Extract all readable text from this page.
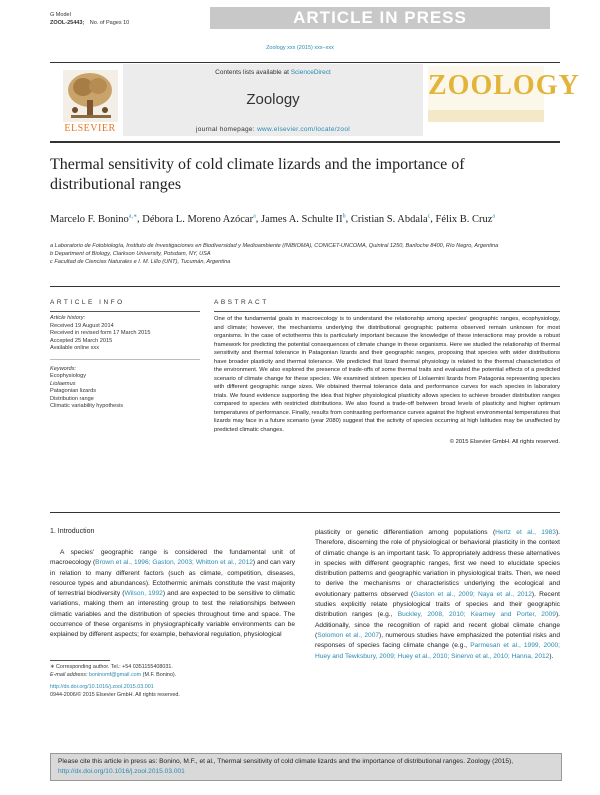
G Model
ZOOL-25443; No. of Pages 10	ARTICLE IN PRESS
Zoology xxx (2015) xxx–xxx
Contents lists available at ScienceDirect
Zoology
ELSEVIER
ZOOLOGY
journal homepage: www.elsevier.com/locate/zool
Thermal sensitivity of cold climate lizards and the importance of distributional ranges
Marcelo F. Bonino$^{a,∗}$, Débora L. Moreno Azócar$^a$, James A. Schulte $II^b$, Cristian S. Abdala$^c$, Félix B. Cruz$^a$
a Laboratorio de Fotobiología, Instituto de Investigaciones en Biodiversidad y Medioambiente (INIBIOMA), CONICET-UNCOMA, Quintral 1250, Bariloche 8400, Río Negro, Argentina
b Department of Biology, Clarkson University, Potsdam, NY, USA
c Facultad de Ciencias Naturales e I. M. Lillo (UNT), Tucumán, Argentina
ARTICLE INFO
Article history:
Received 19 August 2014
Received in revised form 17 March 2015
Accepted 25 March 2015
Available online xxx
Keywords:
Ecophysiology
Liolaemus
Patagonian lizards
Distribution range
Climatic variability hypothesis
ABSTRACT
One of the fundamental goals in macroecology is to understand the relationship among species' geographic ranges, ecophysiology, and climate; however, the mechanisms underlying the distributional geographic patterns observed remain unknown for most organisms. In the case of ectotherms this is particularly important because the knowledge of these interactions may provide a robust framework for predicting the potential consequences of climate change in these organisms. Here we studied the relationship of thermal sensitivity and thermal tolerance in Patagonian lizards and their geographic ranges, proposing that species with wider distributions have broader plasticity and thermal tolerance. We predicted that lizard thermal physiology is related to the thermal characteristics of the environment. We also explored the presence of trade-offs of some thermal traits and evaluated the potential effects of a predicted scenario of climate change for these species. We examined sixteen species of Liolaemini lizards from Patagonia representing species with different geographic range sizes. We obtained thermal tolerance data and performance curves for each species in laboratory trials. We found evidence supporting the idea that higher physiological plasticity allows species to achieve broader distribution ranges compared to species with restricted distributions. We also found a trade-off between broad levels of plasticity and higher optimum temperatures of performance. Finally, results from contrasting performance curves against the highest environmental temperatures that lizards may face in a future scenario (year 2080) suggest that the activity of species occurring at high latitudes may be unaffected by predicted climatic changes.
© 2015 Elsevier GmbH. All rights reserved.
1. Introduction
A species' geographic range is considered the fundamental unit of macroecology (Brown et al., 1996; Gaston, 2003; Whitton et al., 2012) and can vary in relation to many different factors (such as climate, competition, diseases, resource types and abundances). Ectothermic animals constitute the vast majority of terrestrial biodiversity (Wilson, 1992) and are expected to be sensitive to climatic variations, making them an interesting group to test the relationships between climatic variables and the distribution of species throughout time and space. The occurrence of these organisms in physiographically variable environments can be explained by different aspects; for example, behavioral regulation, physiological
plasticity or genetic differentiation among populations (Hertz et al., 1983). Therefore, discerning the role of physiological or behavioral plasticity in the context of climatic change is an important task. To appropriately address these alternatives in species with different geographic ranges, first we need to elucidate species distribution patterns and geographic variation in physiological traits. Then, we need to derive the mechanisms or characteristics underlying the ecological and evolutionary patterns observed (Gaston et al., 2009; Naya et al., 2012). Recent studies explicitly relate physiological traits of species and their geographic distribution ranges (e.g., Buckley, 2008, 2010; Kearney and Porter, 2009). Additionally, since the recognition of rapid and recent global climate change (Solomon et al., 2007), numerous studies have emphasized the potential risks and responses of species facing climate change (e.g., Parmesan et al., 1999, 2000; Huey and Tewksbury, 2009; Huey et al., 2010; Sinervo et al., 2010; Hanna, 2012).
∗ Corresponding author. Tel.: +54 0351155408031.
E-mail address: boninomf@gmail.com (M.F. Bonino).
http://dx.doi.org/10.1016/j.zool.2015.03.001
0944-2006/© 2015 Elsevier GmbH. All rights reserved.
Please cite this article in press as: Bonino, M.F., et al., Thermal sensitivity of cold climate lizards and the importance of distributional ranges. Zoology (2015), http://dx.doi.org/10.1016/j.zool.2015.03.001
